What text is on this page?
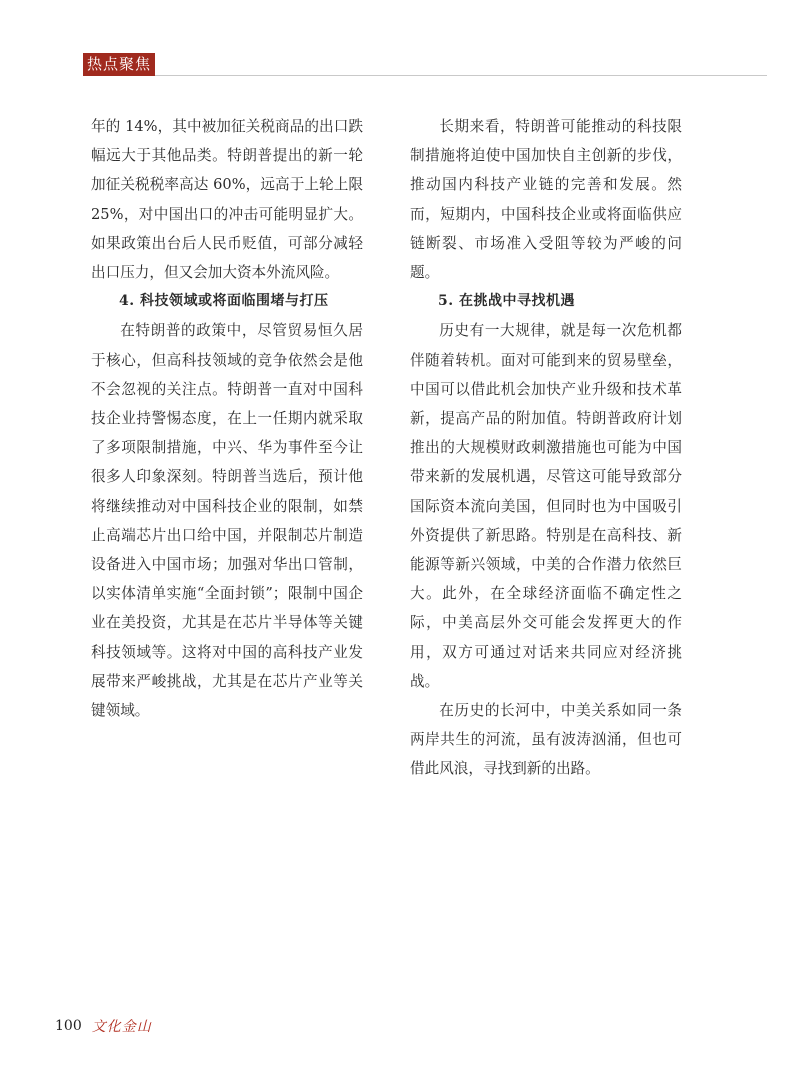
热点聚焦

年的 14%，其中被加征关税商品的出口跌幅远大于其他品类。特朗普提出的新一轮加征关税税率高达 60%，远高于上轮上限 25%，对中国出口的冲击可能明显扩大。如果政策出台后人民币贬值，可部分减轻出口压力，但又会加大资本外流风险。

4. 科技领域或将面临围堵与打压

在特朗普的政策中，尽管贸易恒久居于核心，但高科技领域的竞争依然会是他不会忽视的关注点。特朗普一直对中国科技企业持警惕态度，在上一任期内就采取了多项限制措施，中兴、华为事件至今让很多人印象深刻。特朗普当选后，预计他将继续推动对中国科技企业的限制，如禁止高端芯片出口给中国，并限制芯片制造设备进入中国市场；加强对华出口管制，以实体清单实施“全面封锁”；限制中国企业在美投资，尤其是在芯片半导体等关键科技领域等。这将对中国的高科技产业发展带来严峻挑战，尤其是在芯片产业等关键领域。

长期来看，特朗普可能推动的科技限制措施将迫使中国加快自主创新的步伐，推动国内科技产业链的完善和发展。然而，短期内，中国科技企业或将面临供应链断裂、市场准入受阻等较为严峻的问题。

5. 在挑战中寻找机遇

历史有一大规律，就是每一次危机都伴随着转机。面对可能到来的贸易壁垒，中国可以借此机会加快产业升级和技术革新，提高产品的附加值。特朗普政府计划推出的大规模财政刺激措施也可能为中国带来新的发展机遇，尽管这可能导致部分国际资本流向美国，但同时也为中国吸引外资提供了新思路。特别是在高科技、新能源等新兴领域，中美的合作潜力依然巨大。此外，在全球经济面临不确定性之际，中美高层外交可能会发挥更大的作用，双方可通过对话来共同应对经济挑战。

在历史的长河中，中美关系如同一条两岸共生的河流，虽有波涛汹涌，但也可借此风浪，寻找到新的出路。

100 文化金山
